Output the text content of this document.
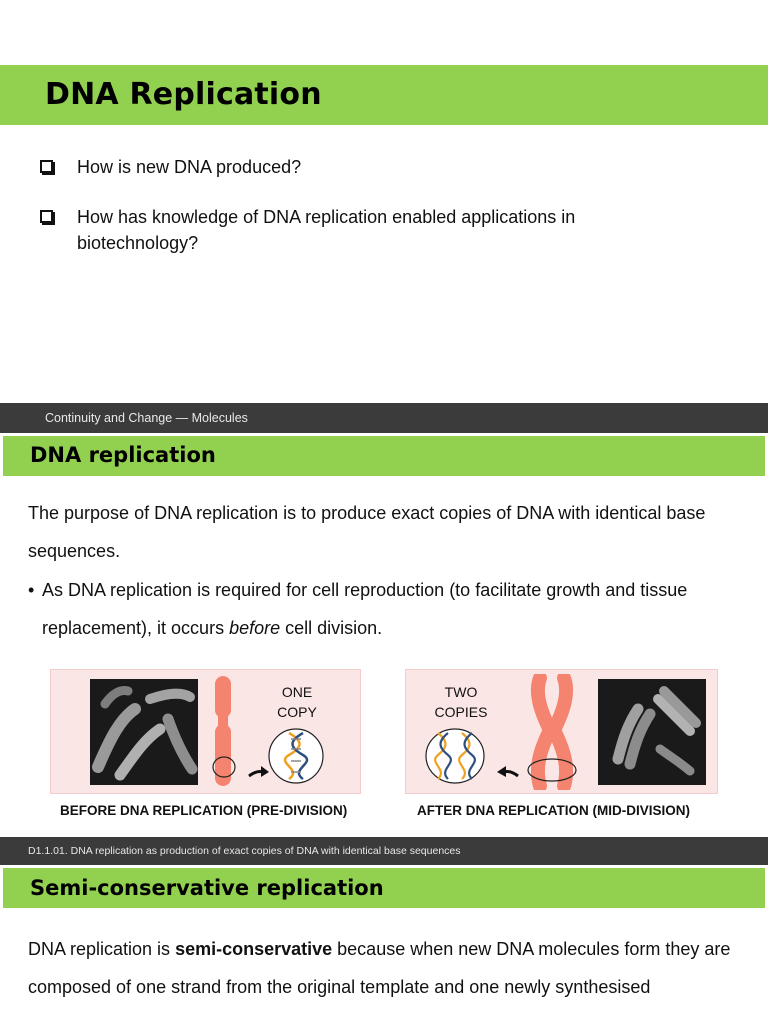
DNA Replication
How is new DNA produced?
How has knowledge of DNA replication enabled applications in biotechnology?
Continuity and Change — Molecules
DNA replication
The purpose of DNA replication is to produce exact copies of DNA with identical base sequences.
• As DNA replication is required for cell reproduction (to facilitate growth and tissue replacement), it occurs before cell division.
ONE
COPY
BEFORE DNA REPLICATION (PRE-DIVISION)
TWO
COPIES
AFTER DNA REPLICATION (MID-DIVISION)
D1.1.01. DNA replication as production of exact copies of DNA with identical base sequences
Semi-conservative replication
DNA replication is semi-conservative because when new DNA molecules form they are composed of one strand from the original template and one newly synthesised
